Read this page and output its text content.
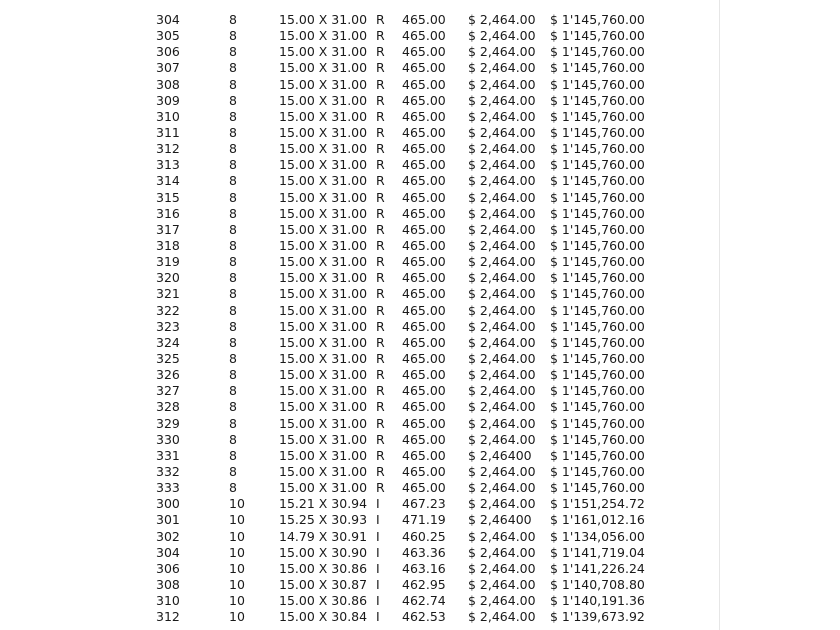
304	8	15.00 X 31.00 R 465.00 $ 2,464.00 $ 1'145,760.00
305	8	15.00 X 31.00 R 465.00 $ 2,464.00 $ 1'145,760.00
306	8	15.00 X 31.00 R 465.00 $ 2,464.00 $ 1'145,760.00
307	8	15.00 X 31.00 R 465.00 $ 2,464.00 $ 1'145,760.00
308	8	15.00 X 31.00 R 465.00 $ 2,464.00 $ 1'145,760.00
309	8	15.00 X 31.00 R 465.00 $ 2,464.00 $ 1'145,760.00
310	8	15.00 X 31.00 R 465.00 $ 2,464.00 $ 1'145,760.00
311	8	15.00 X 31.00 R 465.00 $ 2,464.00 $ 1'145,760.00
312	8	15.00 X 31.00 R 465.00 $ 2,464.00 $ 1'145,760.00
313	8	15.00 X 31.00 R 465.00 $ 2,464.00 $ 1'145,760.00
314	8	15.00 X 31.00 R 465.00 $ 2,464.00 $ 1'145,760.00
315	8	15.00 X 31.00 R 465.00 $ 2,464.00 $ 1'145,760.00
316	8	15.00 X 31.00 R 465.00 $ 2,464.00 $ 1'145,760.00
317	8	15.00 X 31.00 R 465.00 $ 2,464.00 $ 1'145,760.00
318	8	15.00 X 31.00 R 465.00 $ 2,464.00 $ 1'145,760.00
319	8	15.00 X 31.00 R 465.00 $ 2,464.00 $ 1'145,760.00
320	8	15.00 X 31.00 R 465.00 $ 2,464.00 $ 1'145,760.00
321	8	15.00 X 31.00 R 465.00 $ 2,464.00 $ 1'145,760.00
322	8	15.00 X 31.00 R 465.00 $ 2,464.00 $ 1'145,760.00
323	8	15.00 X 31.00 R 465.00 $ 2,464.00 $ 1'145,760.00
324	8	15.00 X 31.00 R 465.00 $ 2,464.00 $ 1'145,760.00
325	8	15.00 X 31.00 R 465.00 $ 2,464.00 $ 1'145,760.00
326	8	15.00 X 31.00 R 465.00 $ 2,464.00 $ 1'145,760.00
327	8	15.00 X 31.00 R 465.00 $ 2,464.00 $ 1'145,760.00
328	8	15.00 X 31.00 R 465.00 $ 2,464.00 $ 1'145,760.00
329	8	15.00 X 31.00 R 465.00 $ 2,464.00 $ 1'145,760.00
330	8	15.00 X 31.00 R 465.00 $ 2,464.00 $ 1'145,760.00
331	8	15.00 X 31.00 R 465.00 $ 2,46400 $ 1'145,760.00
332	8	15.00 X 31.00 R 465.00 $ 2,464.00 $ 1'145,760.00
333	8	15.00 X 31.00 R 465.00 $ 2,464.00 $ 1'145,760.00
300	10	15.21 X 30.94 I 467.23 $ 2,464.00 $ 1'151,254.72
301	10	15.25 X 30.93 I 471.19 $ 2,46400 $ 1'161,012.16
302	10	14.79 X 30.91 I 460.25 $ 2,464.00 $ 1'134,056.00
304	10	15.00 X 30.90 I 463.36 $ 2,464.00 $ 1'141,719.04
306	10	15.00 X 30.86 I 463.16 $ 2,464.00 $ 1'141,226.24
308	10	15.00 X 30.87 I 462.95 $ 2,464.00 $ 1'140,708.80
310	10	15.00 X 30.86 I 462.74 $ 2,464.00 $ 1'140,191.36
312	10	15.00 X 30.84 I 462.53 $ 2,464.00 $ 1'139,673.92
